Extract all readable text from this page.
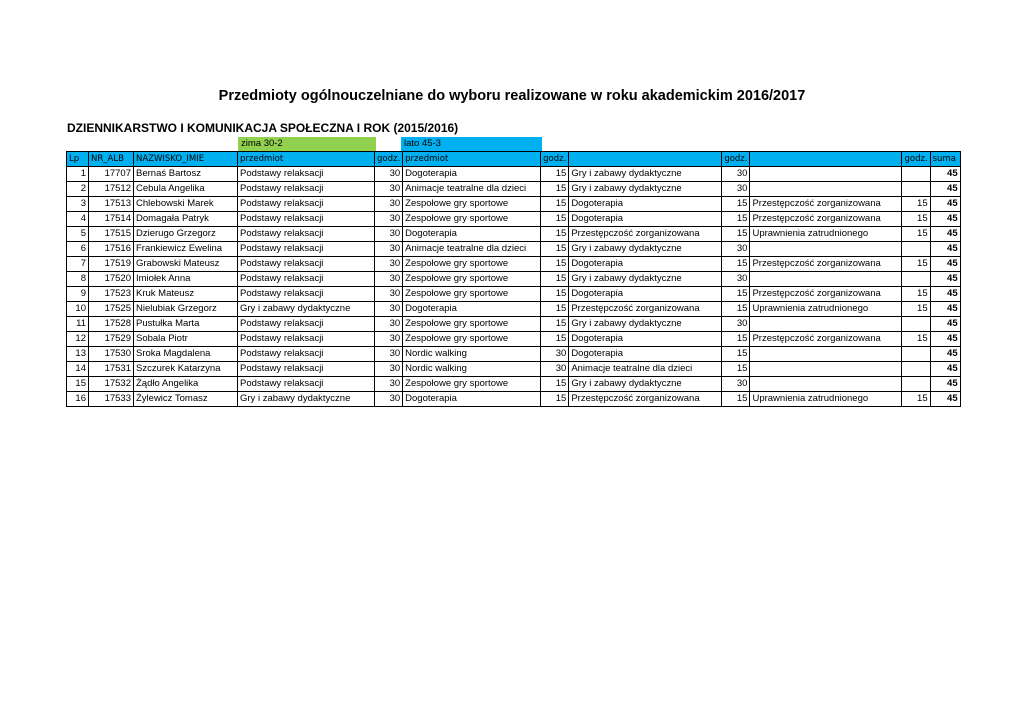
Przedmioty ogólnouczelniane do wyboru realizowane w roku akademickim 2016/2017
DZIENNIKARSTWO I KOMUNIKACJA SPOŁECZNA I ROK (2015/2016)
zima 30-2	lato 45-3
Lp	NR_ALB	NAZWISKO_IMIE	przedmiot	godz.	przedmiot	godz.		godz.		godz.	suma
1	17707	Bernaś Bartosz	Podstawy relaksacji	30	Dogoterapia	15	Gry i zabawy dydaktyczne	30			45
2	17512	Cebula Angelika	Podstawy relaksacji	30	Animacje teatralne dla dzieci	15	Gry i zabawy dydaktyczne	30			45
3	17513	Chlebowski Marek	Podstawy relaksacji	30	Zespołowe gry sportowe	15	Dogoterapia	15	Przestępczość zorganizowana	15	45
4	17514	Domagała Patryk	Podstawy relaksacji	30	Zespołowe gry sportowe	15	Dogoterapia	15	Przestępczość zorganizowana	15	45
5	17515	Dzierugo Grzegorz	Podstawy relaksacji	30	Dogoterapia	15	Przestępczość zorganizowana	15	Uprawnienia zatrudnionego	15	45
6	17516	Frankiewicz Ewelina	Podstawy relaksacji	30	Animacje teatralne dla dzieci	15	Gry i zabawy dydaktyczne	30			45
7	17519	Grabowski Mateusz	Podstawy relaksacji	30	Zespołowe gry sportowe	15	Dogoterapia	15	Przestępczość zorganizowana	15	45
8	17520	Imiołek Anna	Podstawy relaksacji	30	Zespołowe gry sportowe	15	Gry i zabawy dydaktyczne	30			45
9	17523	Kruk Mateusz	Podstawy relaksacji	30	Zespołowe gry sportowe	15	Dogoterapia	15	Przestępczość zorganizowana	15	45
10	17525	Nielubiak Grzegorz	Gry i zabawy dydaktyczne	30	Dogoterapia	15	Przestępczość zorganizowana	15	Uprawnienia zatrudnionego	15	45
11	17528	Pustułka Marta	Podstawy relaksacji	30	Zespołowe gry sportowe	15	Gry i zabawy dydaktyczne	30			45
12	17529	Sobala Piotr	Podstawy relaksacji	30	Zespołowe gry sportowe	15	Dogoterapia	15	Przestępczość zorganizowana	15	45
13	17530	Sroka Magdalena	Podstawy relaksacji	30	Nordic walking	30	Dogoterapia	15			45
14	17531	Szczurek Katarzyna	Podstawy relaksacji	30	Nordic walking	30	Animacje teatralne dla dzieci	15			45
15	17532	Żądło Angelika	Podstawy relaksacji	30	Zespołowe gry sportowe	15	Gry i zabawy dydaktyczne	30			45
16	17533	Żylewicz Tomasz	Gry i zabawy dydaktyczne	30	Dogoterapia	15	Przestępczość zorganizowana	15	Uprawnienia zatrudnionego	15	45
